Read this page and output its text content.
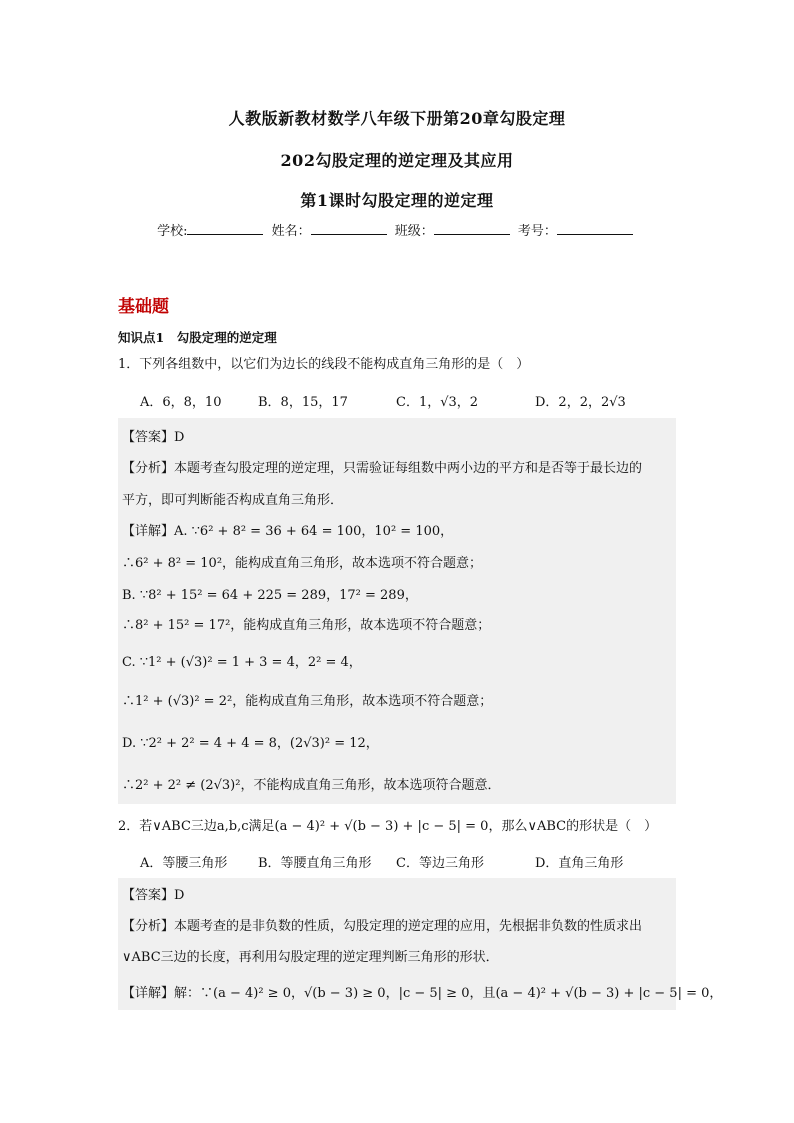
人教版新教材数学八年级下册第20章勾股定理
202勾股定理的逆定理及其应用
第1课时勾股定理的逆定理
学校:	姓名：	班级：	考号：
基础题
知识点1　勾股定理的逆定理
1．下列各组数中，以它们为边长的线段不能构成直角三角形的是（　）
A．6，8，10	B．8，15，17	C．1，√3，2	D．2，2，2√3
【答案】D
【分析】本题考查勾股定理的逆定理，只需验证每组数中两小边的平方和是否等于最长边的
平方，即可判断能否构成直角三角形．
【详解】A. ∵6² + 8² = 36 + 64 = 100，10² = 100，
∴6² + 8² = 10²，能构成直角三角形，故本选项不符合题意；
B. ∵8² + 15² = 64 + 225 = 289，17² = 289，
∴8² + 15² = 17²，能构成直角三角形，故本选项不符合题意；
C. ∵1² + (√3)² = 1 + 3 = 4，2² = 4，
∴1² + (√3)² = 2²，能构成直角三角形，故本选项不符合题意；
D. ∵2² + 2² = 4 + 4 = 8，(2√3)² = 12，
∴2² + 2² ≠ (2√3)²，不能构成直角三角形，故本选项符合题意．
2．若∨ABC三边a,b,c满足(a − 4)² + √(b − 3) + |c − 5| = 0，那么∨ABC的形状是（　）
A．等腰三角形 B．等腰直角三角形 C．等边三角形	D．直角三角形
【答案】D
【分析】本题考查的是非负数的性质，勾股定理的逆定理的应用，先根据非负数的性质求出
∨ABC三边的长度，再利用勾股定理的逆定理判断三角形的形状．
【详解】解：∵(a − 4)² ≥ 0，√(b − 3) ≥ 0，|c − 5| ≥ 0，且(a − 4)² + √(b − 3) + |c − 5| = 0，
